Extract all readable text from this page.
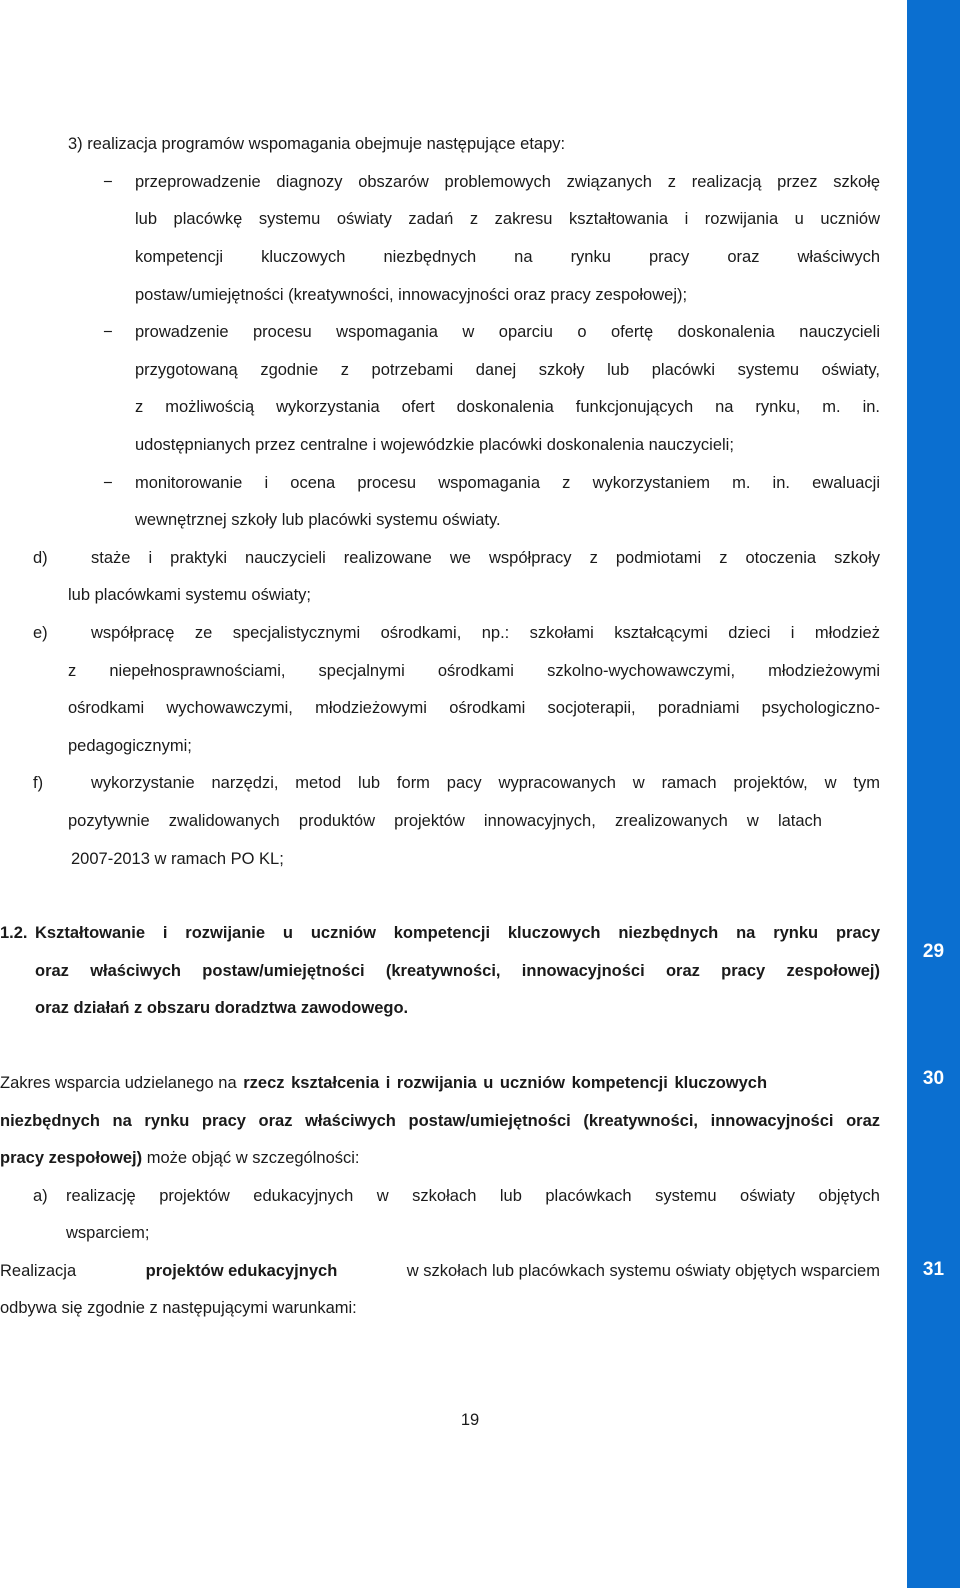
3) realizacja programów wspomagania obejmuje następujące etapy:
− przeprowadzenie diagnozy obszarów problemowych związanych z realizacją przez szkołę
lub placówkę systemu oświaty zadań z zakresu kształtowania i rozwijania u uczniów
kompetencji kluczowych niezbędnych na rynku pracy oraz właściwych
postaw/umiejętności (kreatywności, innowacyjności oraz pracy zespołowej);
− prowadzenie procesu wspomagania w oparciu o ofertę doskonalenia nauczycieli
przygotowaną zgodnie z potrzebami danej szkoły lub placówki systemu oświaty,
z możliwością wykorzystania ofert doskonalenia funkcjonujących na rynku, m. in.
udostępnianych przez centralne i wojewódzkie placówki doskonalenia nauczycieli;
− monitorowanie i ocena procesu wspomagania z wykorzystaniem m. in. ewaluacji
wewnętrznej szkoły lub placówki systemu oświaty.
d)	staże i praktyki nauczycieli realizowane we współpracy z podmiotami z otoczenia szkoły
lub placówkami systemu oświaty;
e)	współpracę ze specjalistycznymi ośrodkami, np.: szkołami kształcącymi dzieci i młodzież
z niepełnosprawnościami, specjalnymi ośrodkami szkolno-wychowawczymi, młodzieżowymi
ośrodkami wychowawczymi, młodzieżowymi ośrodkami socjoterapii, poradniami psychologiczno-
pedagogicznymi;
f)	wykorzystanie narzędzi, metod lub form pacy wypracowanych w ramach projektów, w tym
pozytywnie zwalidowanych produktów projektów innowacyjnych, zrealizowanych w latach
2007-2013 w ramach PO KL;
1.2. Kształtowanie i rozwijanie u uczniów kompetencji kluczowych niezbędnych na rynku pracy
oraz właściwych postaw/umiejętności (kreatywności, innowacyjności oraz pracy zespołowej)
oraz działań z obszaru doradztwa zawodowego.
Zakres wsparcia udzielanego na rzecz kształcenia i rozwijania u uczniów kompetencji kluczowych
niezbędnych na rynku pracy oraz właściwych postaw/umiejętności (kreatywności, innowacyjności oraz
pracy zespołowej) może objąć w szczególności:
a) realizację projektów edukacyjnych w szkołach lub placówkach systemu oświaty objętych
wsparciem;
Realizacja	projektów edukacyjnych	w szkołach lub placówkach systemu oświaty objętych wsparciem
odbywa się zgodnie z następującymi warunkami:
19
29
30
31
